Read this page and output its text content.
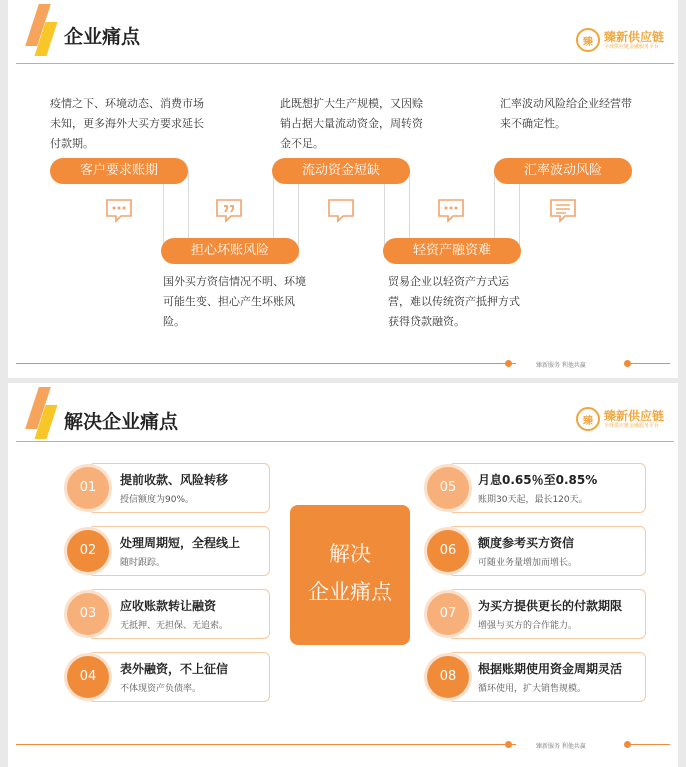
企业痛点	臻 臻新供应链
全球供应链金融服务平台
疫情之下、环境动态、消费市场未知，更多海外大买方要求延长付款期。
此既想扩大生产规模，又因赊销占据大量流动资金，周转资金不足。
汇率波动风险给企业经营带来不确定性。
客户要求账期
担心坏账风险
流动资金短缺
轻资产融资难
汇率波动风险
国外买方资信情况不明、环境可能生变、担心产生坏账风险。
贸易企业以轻资产方式运营，难以传统资产抵押方式获得贷款融资。
臻新服务 利他共赢
解决企业痛点	臻 臻新供应链
全球供应链金融服务平台
解决
企业痛点
01	提前收款、风险转移
授信额度为90%。
02	处理周期短，全程线上
随时跟踪。
03	应收账款转让融资
无抵押、无担保、无追索。
04	表外融资，不上征信
不体现资产负债率。
05	月息0.65％至0.85%
账期30天起，最长120天。
06	额度参考买方资信
可随业务量增加而增长。
07	为买方提供更长的付款期限
增强与买方的合作能力。
08	根据账期使用资金周期灵活
循环使用，扩大销售规模。
臻新服务 利他共赢
